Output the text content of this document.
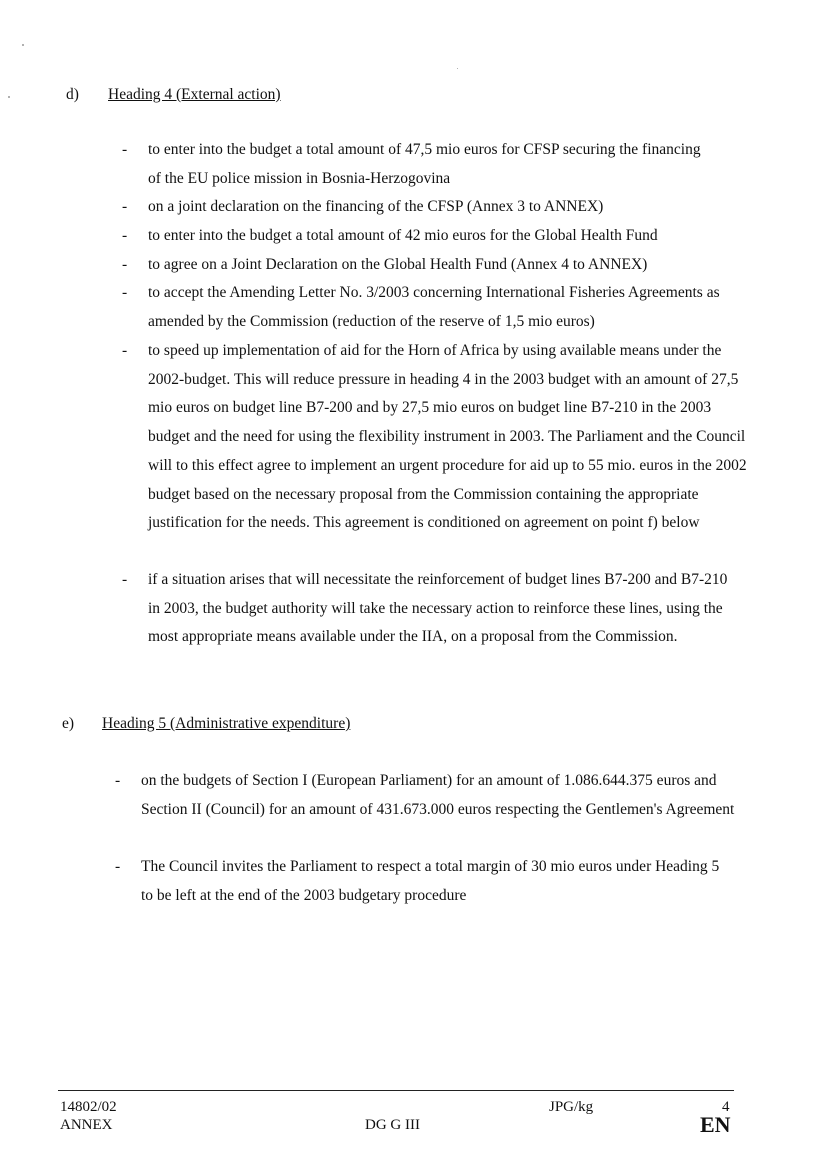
d) Heading 4 (External action)
- to enter into the budget a total amount of 47,5 mio euros for CFSP securing the financing of the EU police mission in Bosnia-Herzogovina
- on a joint declaration on the financing of the CFSP (Annex 3 to ANNEX)
- to enter into the budget a total amount of 42 mio euros for the Global Health Fund
- to agree on a Joint Declaration on the Global Health Fund (Annex 4 to ANNEX)
- to accept the Amending Letter No. 3/2003 concerning International Fisheries Agreements as amended by the Commission (reduction of the reserve of 1,5 mio euros)
- to speed up implementation of aid for the Horn of Africa by using available means under the 2002-budget. This will reduce pressure in heading 4 in the 2003 budget with an amount of 27,5 mio euros on budget line B7-200 and by 27,5 mio euros on budget line B7-210 in the 2003 budget and the need for using the flexibility instrument in 2003. The Parliament and the Council will to this effect agree to implement an urgent procedure for aid up to 55 mio. euros in the 2002 budget based on the necessary proposal from the Commission containing the appropriate justification for the needs. This agreement is conditioned on agreement on point f) below
- if a situation arises that will necessitate the reinforcement of budget lines B7-200 and B7-210 in 2003, the budget authority will take the necessary action to reinforce these lines, using the most appropriate means available under the IIA, on a proposal from the Commission.
e) Heading 5 (Administrative expenditure)
- on the budgets of Section I (European Parliament) for an amount of 1.086.644.375 euros and Section II (Council) for an amount of 431.673.000 euros respecting the Gentlemen's Agreement
- The Council invites the Parliament to respect a total margin of 30 mio euros under Heading 5 to be left at the end of the 2003 budgetary procedure
14802/02
ANNEX
JPG/kg
DG G III
4
EN
